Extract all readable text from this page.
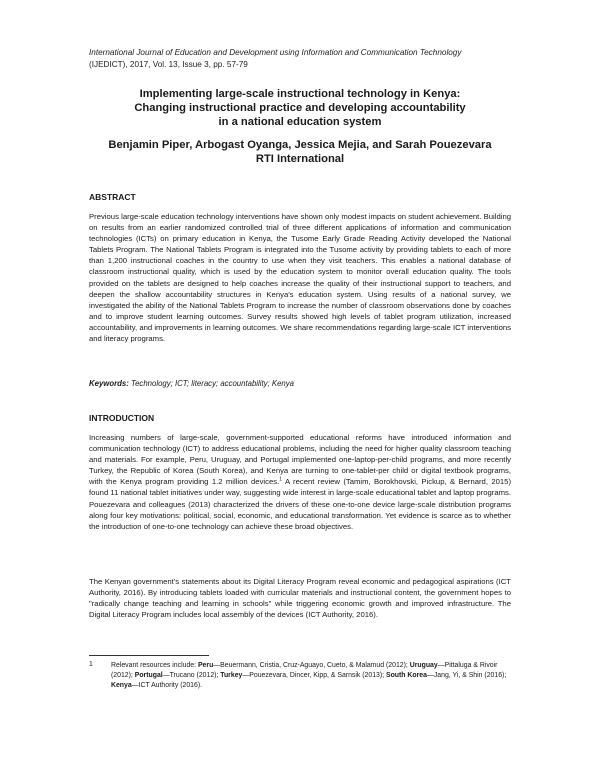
International Journal of Education and Development using Information and Communication Technology
(IJEDICT), 2017, Vol. 13, Issue 3, pp. 57-79
Implementing large-scale instructional technology in Kenya:
Changing instructional practice and developing accountability
in a national education system
Benjamin Piper, Arbogast Oyanga, Jessica Mejia, and Sarah Pouezevara
RTI International
ABSTRACT

Previous large-scale education technology interventions have shown only modest impacts on student achievement. Building on results from an earlier randomized controlled trial of three different applications of information and communication technologies (ICTs) on primary education in Kenya, the Tusome Early Grade Reading Activity developed the National Tablets Program. The National Tablets Program is integrated into the Tusome activity by providing tablets to each of more than 1,200 instructional coaches in the country to use when they visit teachers. This enables a national database of classroom instructional quality, which is used by the education system to monitor overall education quality. The tools provided on the tablets are designed to help coaches increase the quality of their instructional support to teachers, and deepen the shallow accountability structures in Kenya's education system. Using results of a national survey, we investigated the ability of the National Tablets Program to increase the number of classroom observations done by coaches and to improve student learning outcomes. Survey results showed high levels of tablet program utilization, increased accountability, and improvements in learning outcomes. We share recommendations regarding large-scale ICT interventions and literacy programs.

Keywords: Technology; ICT; literacy; accountability; Kenya
INTRODUCTION

Increasing numbers of large-scale, government-supported educational reforms have introduced information and communication technology (ICT) to address educational problems, including the need for higher quality classroom teaching and materials. For example, Peru, Uruguay, and Portugal implemented one-laptop-per-child programs, and more recently Turkey, the Republic of Korea (South Korea), and Kenya are turning to one-tablet-per child or digital textbook programs, with the Kenya program providing 1.2 million devices.$^1$ A recent review (Tamim, Borokhovski, Pickup, & Bernard, 2015) found 11 national tablet initiatives under way, suggesting wide interest in large-scale educational tablet and laptop programs. Pouezevara and colleagues (2013) characterized the drivers of these one-to-one device large-scale distribution programs along four key motivations: political, social, economic, and educational transformation. Yet evidence is scarce as to whether the introduction of one-to-one technology can achieve these broad objectives.

The Kenyan government's statements about its Digital Literacy Program reveal economic and pedagogical aspirations (ICT Authority, 2016). By introducing tablets loaded with curricular materials and instructional content, the government hopes to "radically change teaching and learning in schools" while triggering economic growth and improved infrastructure. The Digital Literacy Program includes local assembly of the devices (ICT Authority, 2016).

1	Relevant resources include: Peru—Beuermann, Cristia, Cruz-Aguayo, Cueto, & Malamud (2012); Uruguay—Pittaluga & Rivoir (2012); Portugal—Trucano (2012); Turkey—Pouezevara, Dincer, Kipp, & Sarnsik (2013); South Korea—Jang, Yi, & Shin (2016); Kenya—ICT Authority (2016).
